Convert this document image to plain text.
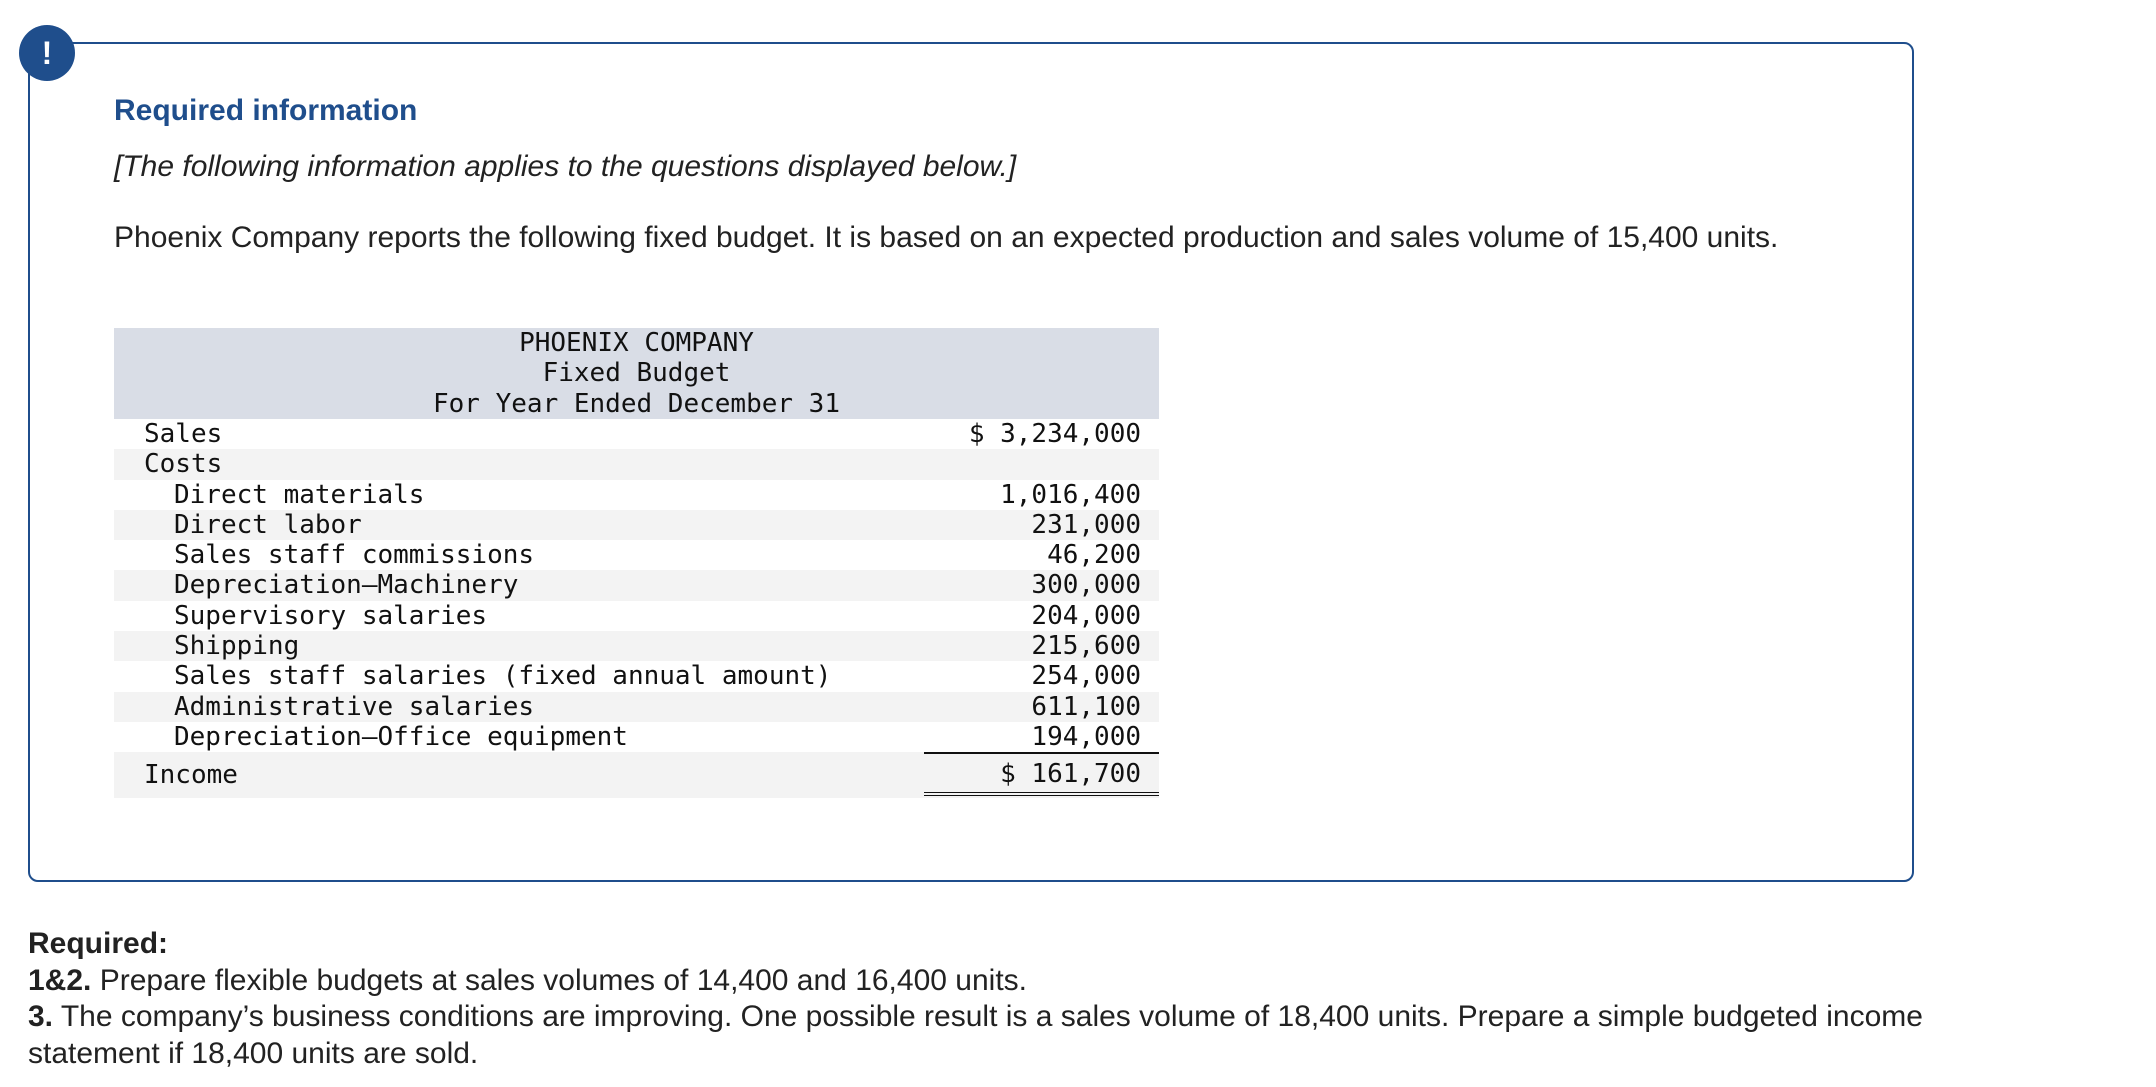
!
Required information
[The following information applies to the questions displayed below.]
Phoenix Company reports the following fixed budget. It is based on an expected production and sales volume of 15,400 units.
PHOENIX COMPANY
Fixed Budget
For Year Ended December 31
Sales	$ 3,234,000
Costs
Direct materials	1,016,400
Direct labor	231,000
Sales staff commissions	46,200
Depreciation—Machinery	300,000
Supervisory salaries	204,000
Shipping	215,600
Sales staff salaries (fixed annual amount)	254,000
Administrative salaries	611,100
Depreciation—Office equipment	194,000
Income	$ 161,700
Required:
1&2. Prepare flexible budgets at sales volumes of 14,400 and 16,400 units.
3. The company’s business conditions are improving. One possible result is a sales volume of 18,400 units. Prepare a simple budgeted income statement if 18,400 units are sold.
